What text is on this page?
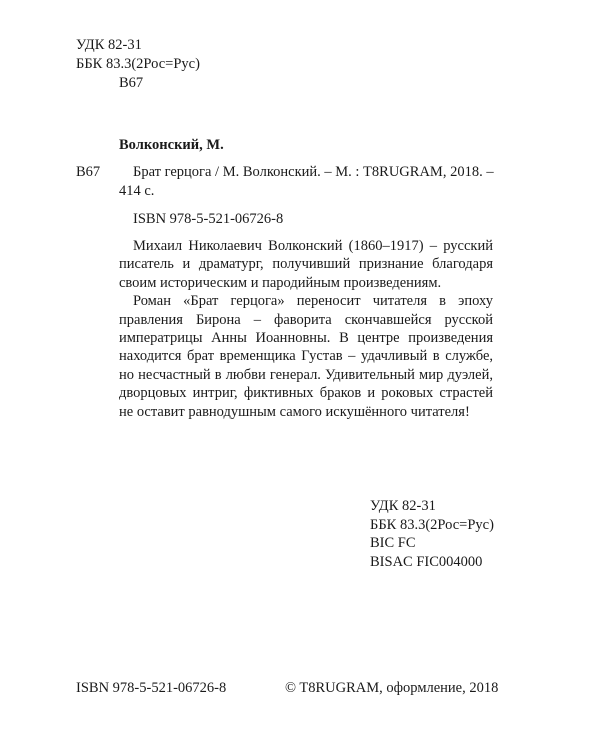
УДК 82-31
ББК 83.3(2Рос=Рус)
В67
Волконский, М.
В67 Брат герцога / М. Волконский. – М. : T8RUGRAM, 2018. –
414 с.
ISBN 978-5-521-06726-8

Михаил Николаевич Волконский (1860–1917) – русский писатель и драматург, получивший признание благодаря своим историческим и пародийным произведениям.

Роман «Брат герцога» переносит читателя в эпоху правления Бирона – фаворита скончавшейся русской императрицы Анны Иоанновны. В центре произведения находится брат временщика Густав – удачливый в службе, но несчастный в любви генерал. Удивительный мир дуэлей, дворцовых интриг, фиктивных браков и роковых страстей не оставит равнодушным самого искушённого читателя!

УДК 82-31
ББК 83.3(2Рос=Рус)
BIC FC
BISAC FIC004000
ISBN 978-5-521-06726-8	© T8RUGRAM, оформление, 2018
